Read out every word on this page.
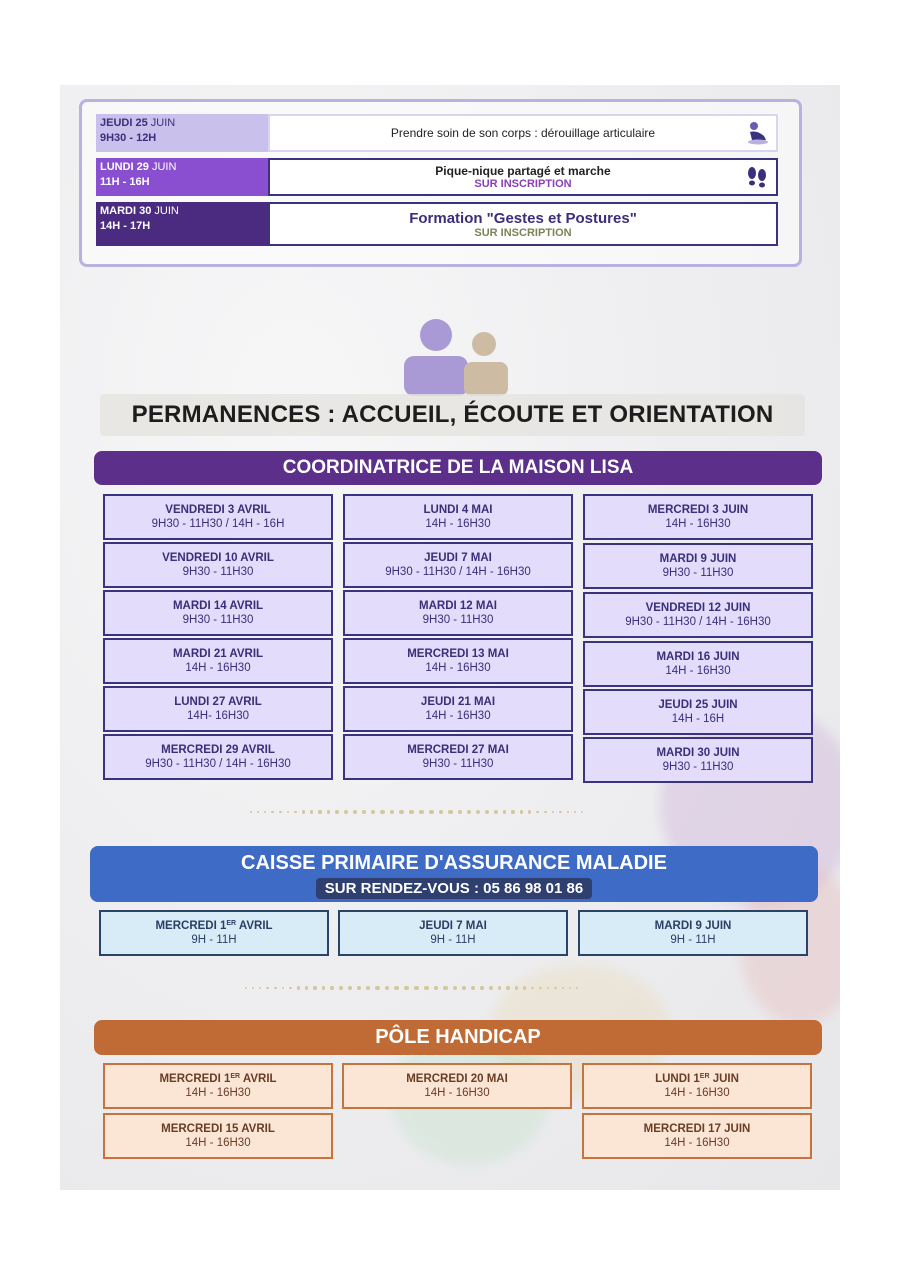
JEUDI 25 JUIN
9H30 - 12H	Prendre soin de son corps : dérouillage articulaire
LUNDI 29 JUIN
11H - 16H
Pique-nique partagé et marche
SUR INSCRIPTION
MARDI 30 JUIN
14H - 17H	Formation "Gestes et Postures"
SUR INSCRIPTION
PERMANENCES : ACCUEIL, ÉCOUTE ET ORIENTATION
COORDINATRICE DE LA MAISON LISA
VENDREDI 3 AVRIL
9H30 - 11H30 / 14H - 16H
VENDREDI 10 AVRIL
9H30 - 11H30
MARDI 14 AVRIL
9H30 - 11H30
MARDI 21 AVRIL
14H - 16H30
LUNDI 27 AVRIL
14H- 16H30
MERCREDI 29 AVRIL
9H30 - 11H30 / 14H - 16H30
LUNDI 4 MAI
14H - 16H30
JEUDI 7 MAI
9H30 - 11H30 / 14H - 16H30
MARDI 12 MAI
9H30 - 11H30
MERCREDI 13 MAI
14H - 16H30
JEUDI 21 MAI
14H - 16H30
MERCREDI 27 MAI
9H30 - 11H30
MERCREDI 3 JUIN
14H - 16H30
MARDI 9 JUIN
9H30 - 11H30
VENDREDI 12 JUIN
9H30 - 11H30 / 14H - 16H30
MARDI 16 JUIN
14H - 16H30
JEUDI 25 JUIN
14H - 16H
MARDI 30 JUIN
9H30 - 11H30
CAISSE PRIMAIRE D'ASSURANCE MALADIE
SUR RENDEZ-VOUS : 05 86 98 01 86
MERCREDI 1ER AVRIL
9H - 11H
JEUDI 7 MAI
9H - 11H
MARDI 9 JUIN
9H - 11H
PÔLE HANDICAP
MERCREDI 1ER AVRIL
14H - 16H30
MERCREDI 20 MAI
14H - 16H30
LUNDI 1ER JUIN
14H - 16H30
MERCREDI 15 AVRIL
14H - 16H30
MERCREDI 17 JUIN
14H - 16H30
